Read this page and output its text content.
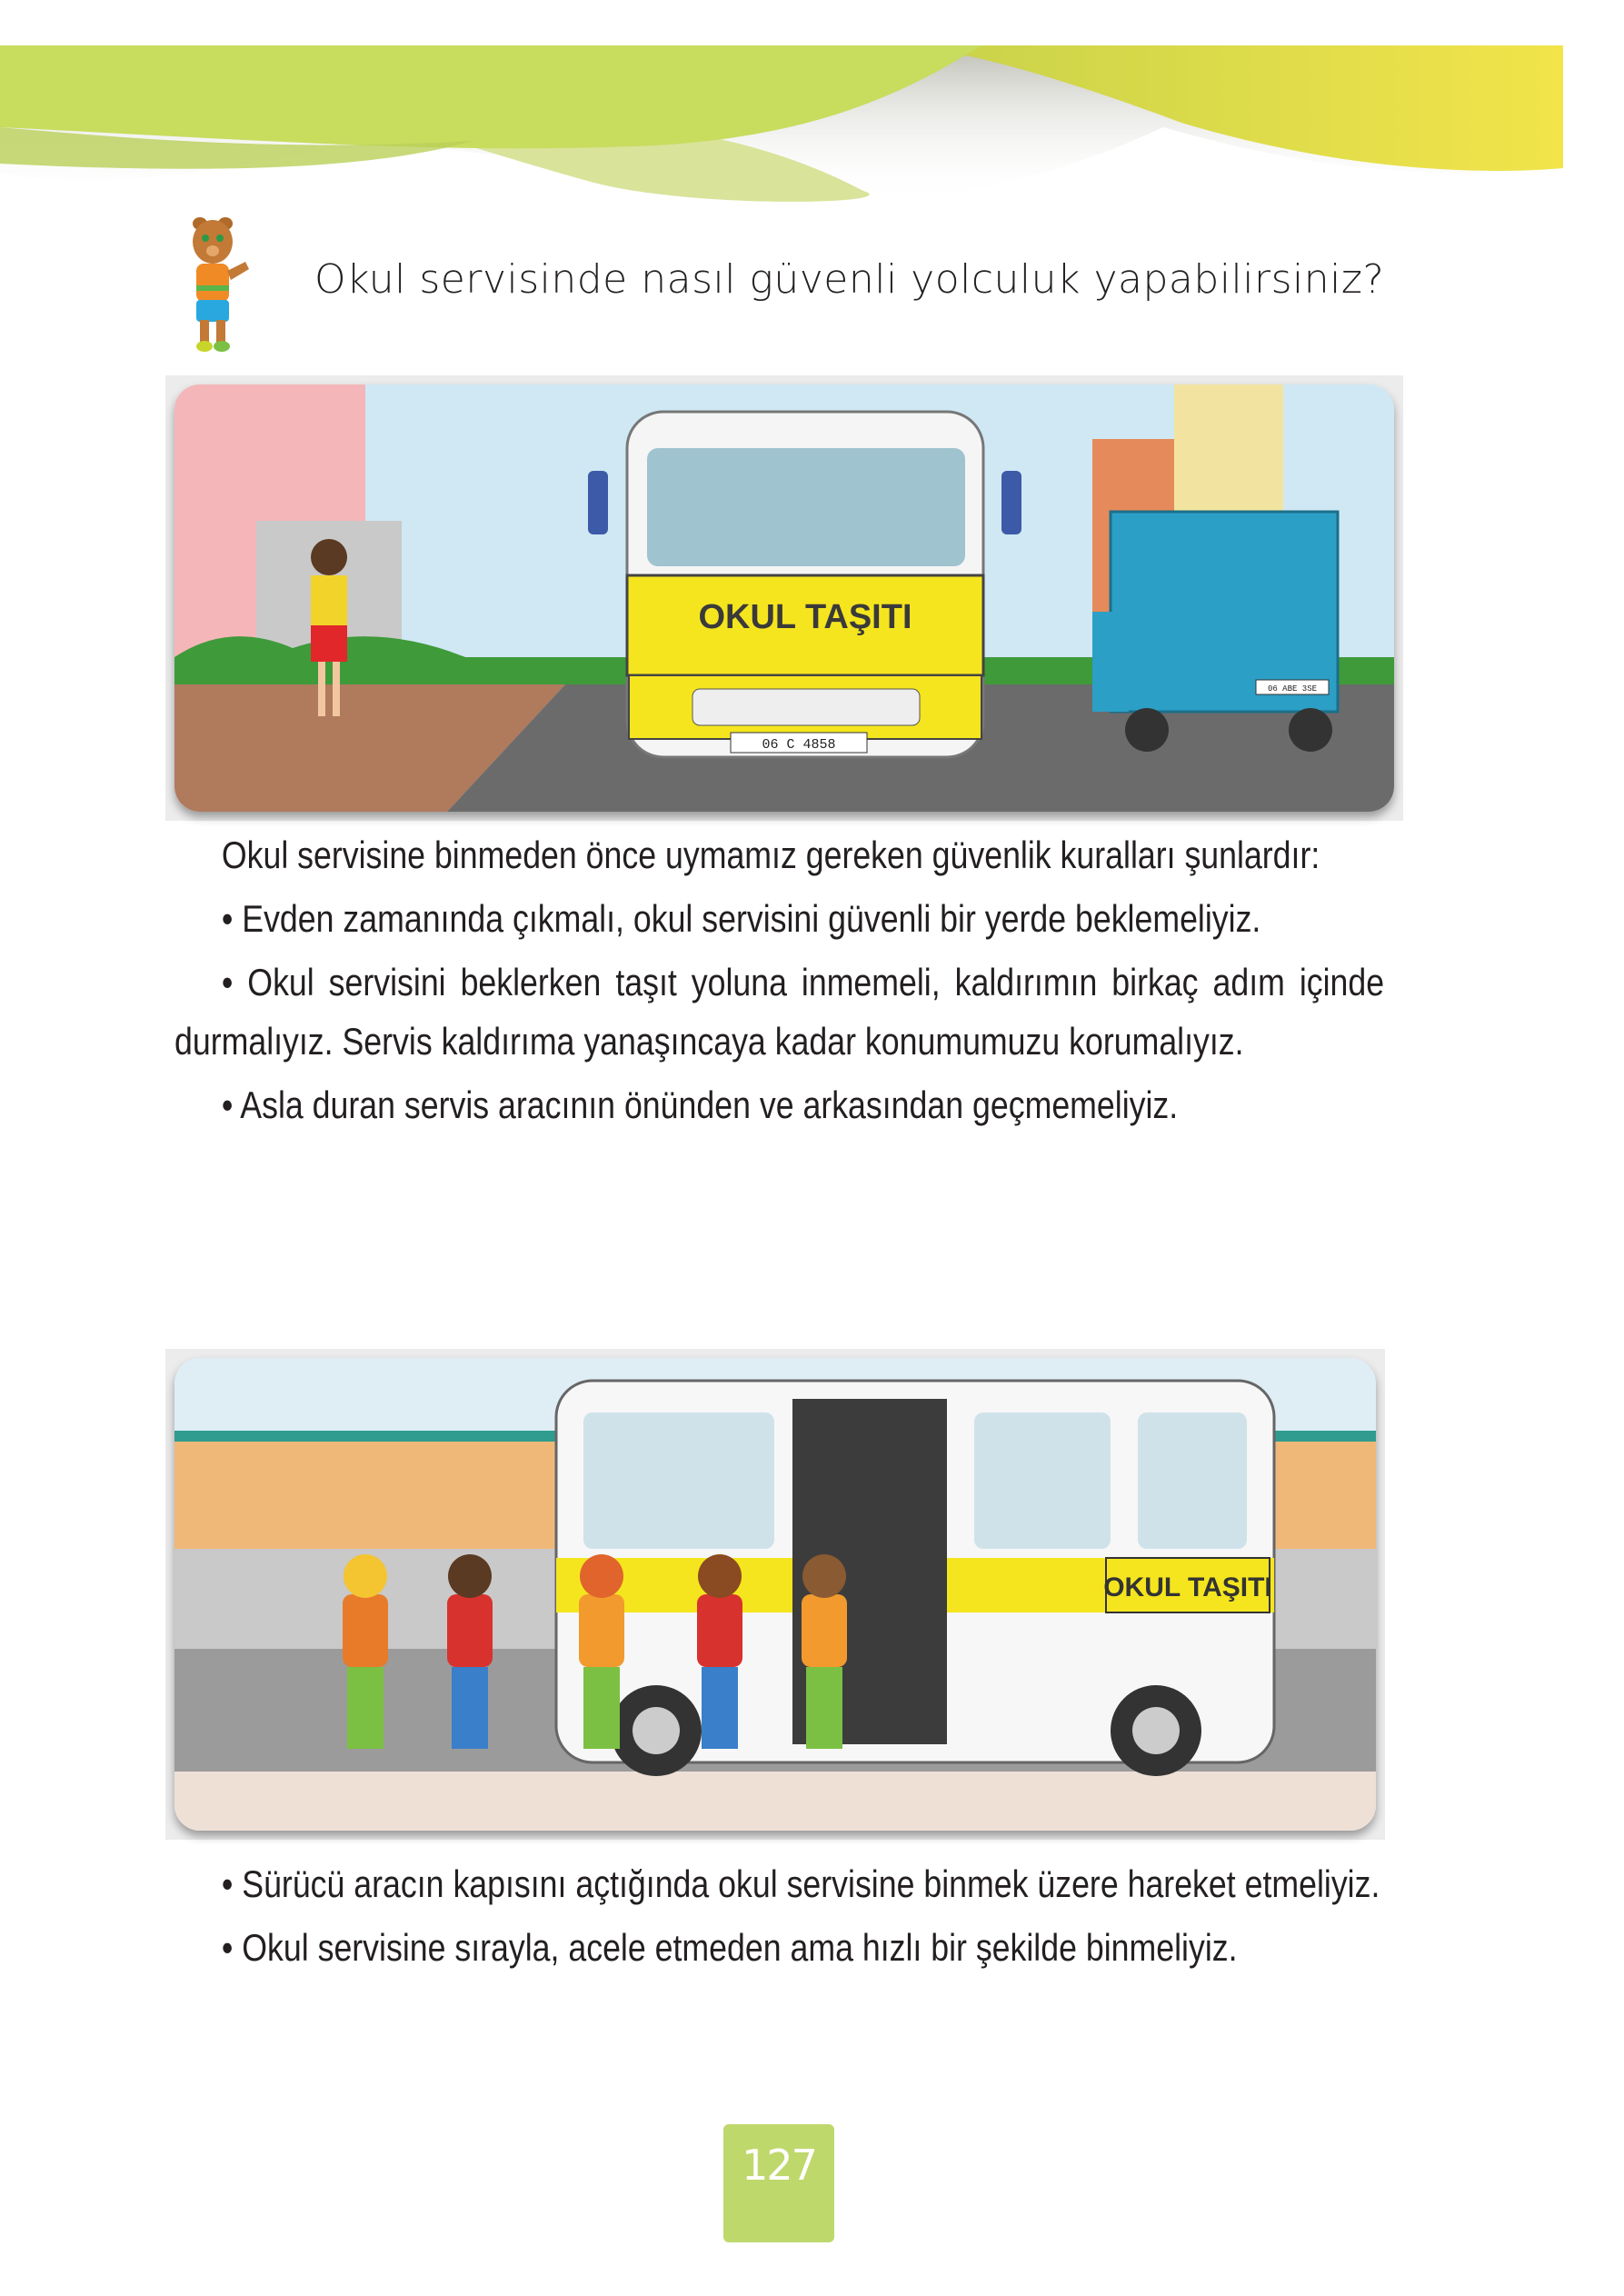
Okul servisinde nasıl güvenli yolculuk yapabilirsiniz?
OKUL TAŞITI
06 C 4858
06 ABE 3SE

Okul servisine binmeden önce uymamız gereken güvenlik kuralları şunlardır:

• Evden zamanında çıkmalı, okul servisini güvenli bir yerde beklemeliyiz.

• Okul servisini beklerken taşıt yoluna inmemeli, kaldırımın birkaç adım içinde durmalıyız. Servis kaldırıma yanaşıncaya kadar konumumuzu korumalıyız.

• Asla duran servis aracının önünden ve arkasından geçmemeliyiz.

OKUL TAŞITI

• Sürücü aracın kapısını açtığında okul servisine binmek üzere hareket etmeliyiz.

• Okul servisine sırayla, acele etmeden ama hızlı bir şekilde binmeliyiz.

127
